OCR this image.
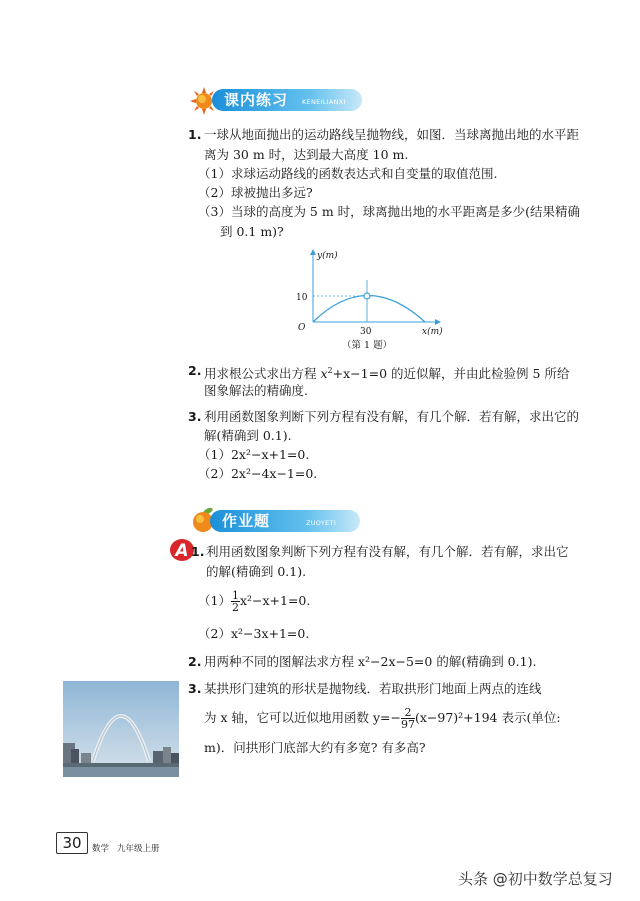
课内练习 KENEILIANXI
1. 一球从地面抛出的运动路线呈抛物线，如图．当球离抛出地的水平距
离为 30 m 时，达到最大高度 10 m.
（1）求球运动路线的函数表达式和自变量的取值范围.
（2）球被抛出多远?
（3）当球的高度为 5 m 时，球离抛出地的水平距离是多少(结果精确
到 0.1 m)?
y(m)
x(m)
O
10
30
（第 1 题）
2. 用求根公式求出方程 $x^2+x-1=0$ 的近似解，并由此检验例 5 所给
图象解法的精确度.
3. 利用函数图象判断下列方程有没有解，有几个解．若有解，求出它的
解(精确到 0.1).
（1）2x²−x+1=0.
（2）2x²−4x−1=0.
作业题	ZUOYETI
A 1. 利用函数图象判断下列方程有没有解，有几个解．若有解，求出它
的解(精确到 0.1).
$(1) \frac{1}{2} x^2-x+1=0$.
（2）x²−3x+1=0.
2. 用两种不同的图解法求方程 x²−2x−5=0 的解(精确到 0.1).
3. 某拱形门建筑的形状是抛物线．若取拱形门地面上两点的连线
为 x 轴，它可以近似地用函数 $y=- \frac{2}{97} (x-97)^2+194$ 表示(单位:
m)．问拱形门底部大约有多宽? 有多高?
30	数学 九年级上册
头条 @初中数学总复习
